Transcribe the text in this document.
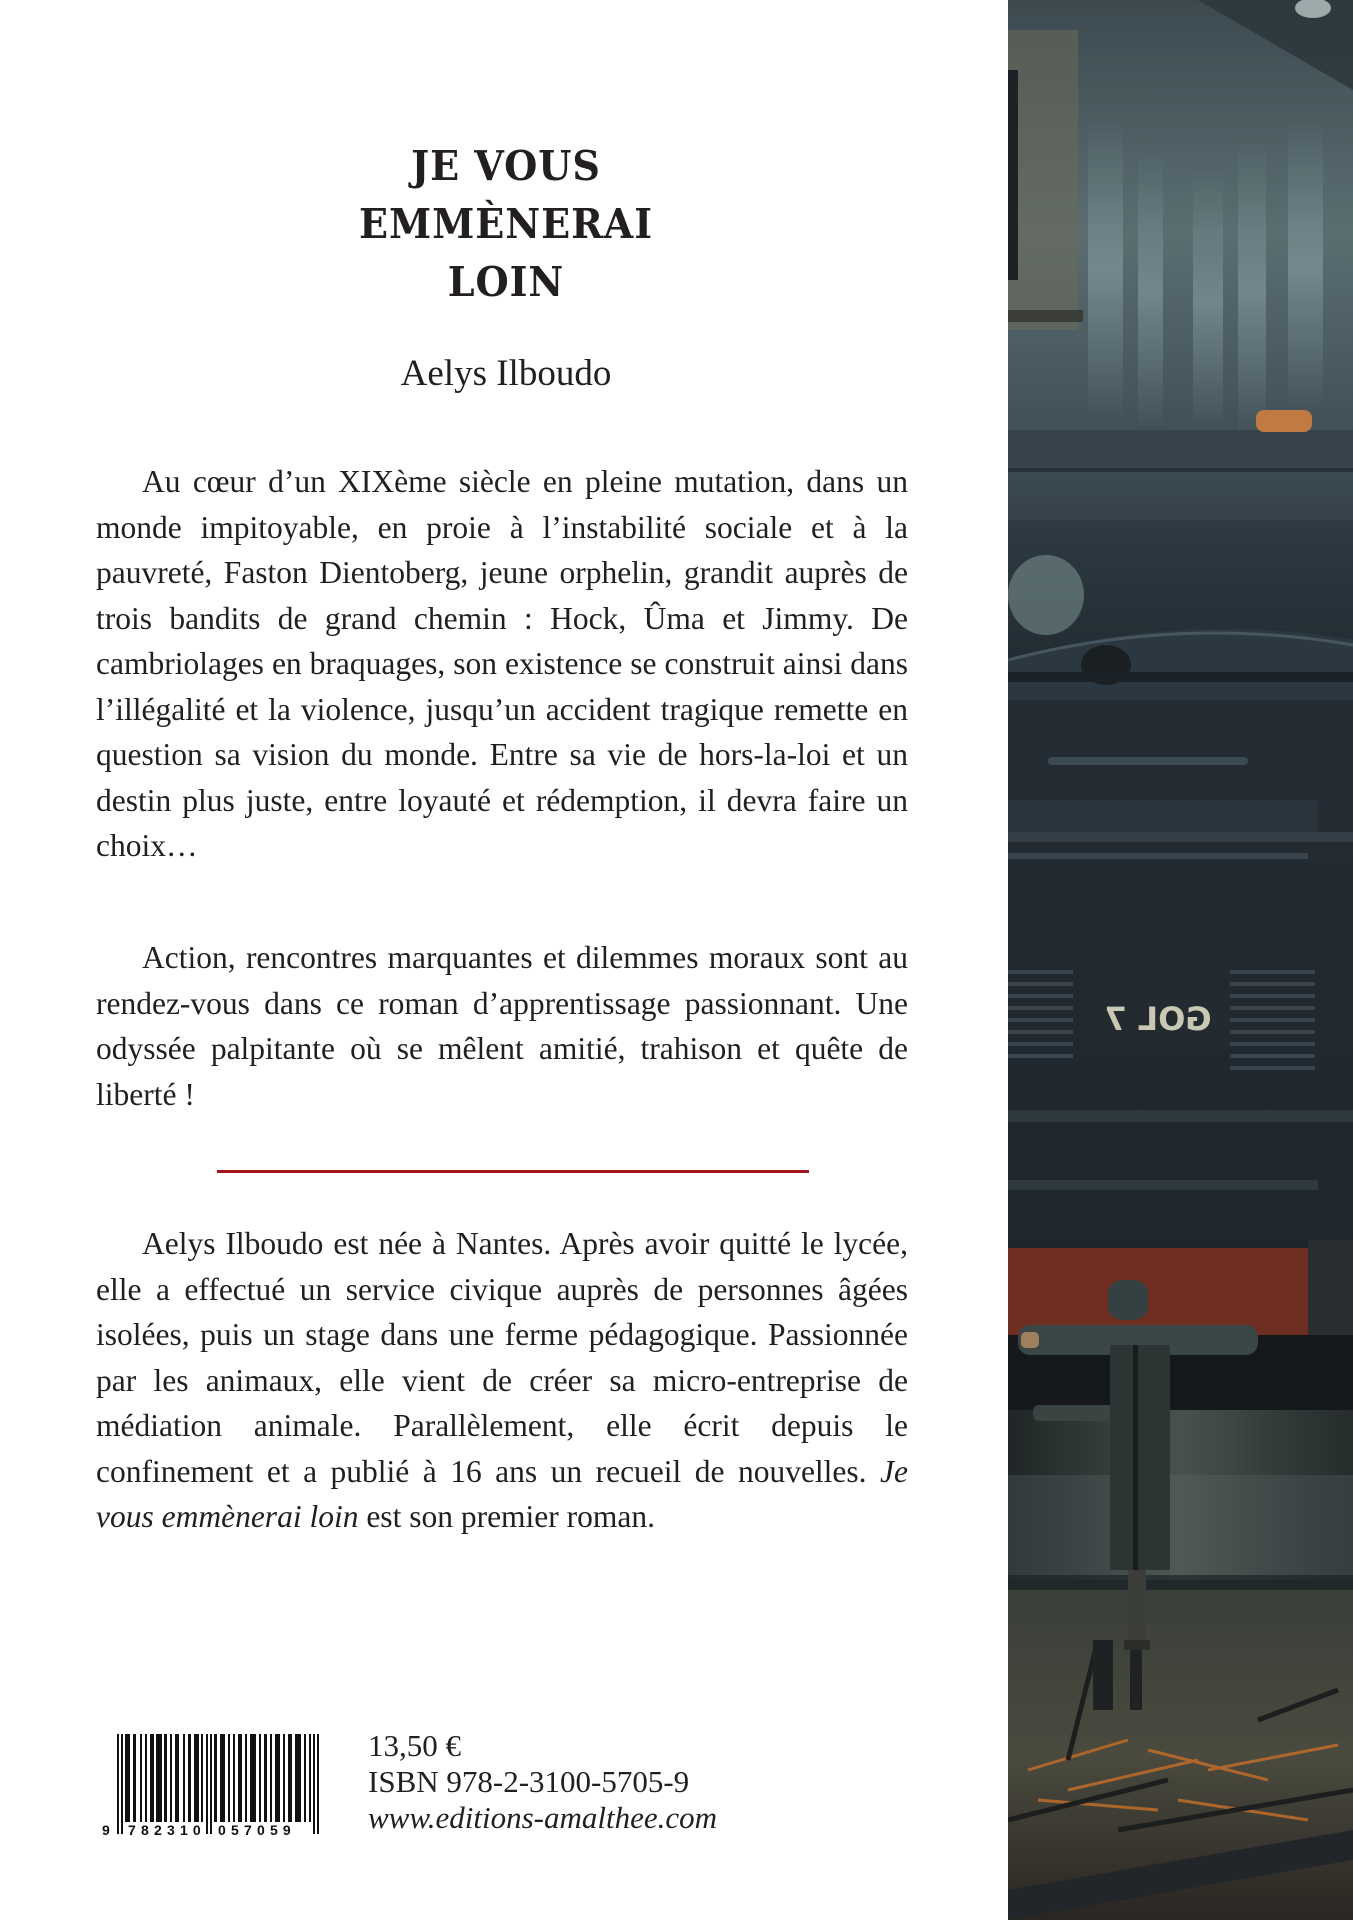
JE VOUS
EMMÈNERAI
LOIN
Aelys Ilboudo

Au cœur d’un XIXème siècle en pleine mutation, dans un monde impitoyable, en proie à l’instabilité sociale et à la pauvreté, Faston Dientoberg, jeune orphelin, grandit auprès de trois bandits de grand chemin : Hock, Ûma et Jimmy. De cambriolages en braquages, son existence se construit ainsi dans l’illégalité et la violence, jusqu’un accident tragique remette en question sa vision du monde. Entre sa vie de hors-la-loi et un destin plus juste, entre loyauté et rédemption, il devra faire un choix…

Action, rencontres marquantes et dilemmes moraux sont au rendez-vous dans ce roman d’apprentissage passionnant. Une odyssée palpitante où se mêlent amitié, trahison et quête de liberté !

Aelys Ilboudo est née à Nantes. Après avoir quitté le lycée, elle a effectué un service civique auprès de personnes âgées isolées, puis un stage dans une ferme pédagogique. Passionnée par les animaux, elle vient de créer sa micro-entreprise de médiation animale. Parallèlement, elle écrit depuis le confinement et a publié à 16 ans un recueil de nouvelles. Je vous emmènerai loin est son premier roman.

9 782310 057059
13,50 €
ISBN 978-2-3100-5705-9
www.editions-amalthee.com
GOL 7
